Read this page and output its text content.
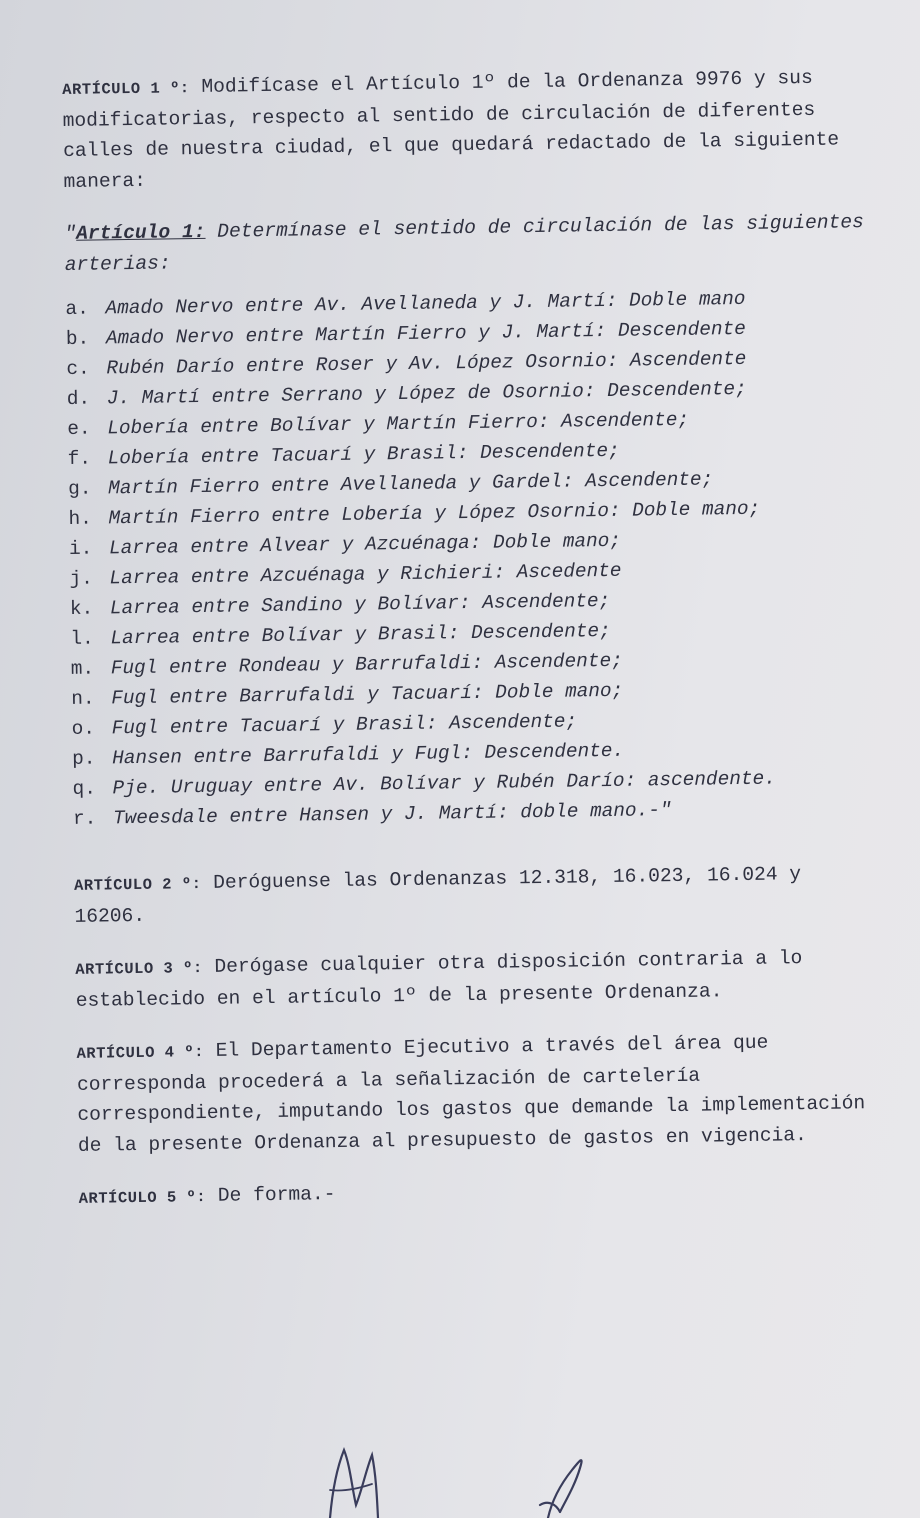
ARTÍCULO 1 º: Modifícase el Artículo 1º de la Ordenanza 9976 y sus modificatorias, respecto al sentido de circulación de diferentes calles de nuestra ciudad, el que quedará redactado de la siguiente manera:

"Artículo 1: Determínase el sentido de circulación de las siguientes arterias:
a. Amado Nervo entre Av. Avellaneda y J. Martí: Doble mano
b. Amado Nervo entre Martín Fierro y J. Martí: Descendente
c. Rubén Darío entre Roser y Av. López Osornio: Ascendente
d. J. Martí entre Serrano y López de Osornio: Descendente;
e. Lobería entre Bolívar y Martín Fierro: Ascendente;
f. Lobería entre Tacuarí y Brasil: Descendente;
g. Martín Fierro entre Avellaneda y Gardel: Ascendente;
h. Martín Fierro entre Lobería y López Osornio: Doble mano;
i. Larrea entre Alvear y Azcuénaga: Doble mano;
j. Larrea entre Azcuénaga y Richieri: Ascedente
k. Larrea entre Sandino y Bolívar: Ascendente;
l. Larrea entre Bolívar y Brasil: Descendente;
m. Fugl entre Rondeau y Barrufaldi: Ascendente;
n. Fugl entre Barrufaldi y Tacuarí: Doble mano;
o. Fugl entre Tacuarí y Brasil: Ascendente;
p. Hansen entre Barrufaldi y Fugl: Descendente.
q. Pje. Uruguay entre Av. Bolívar y Rubén Darío: ascendente.
r. Tweesdale entre Hansen y J. Martí: doble mano.-"

ARTÍCULO 2 º: Deróguense las Ordenanzas 12.318, 16.023, 16.024 y 16206.

ARTÍCULO 3 º: Derógase cualquier otra disposición contraria a lo establecido en el artículo 1º de la presente Ordenanza.

ARTÍCULO 4 º: El Departamento Ejecutivo a través del área que corresponda procederá a la señalización de cartelería correspondiente, imputando los gastos que demande la implementación de la presente Ordenanza al presupuesto de gastos en vigencia.

ARTÍCULO 5 º: De forma.-
